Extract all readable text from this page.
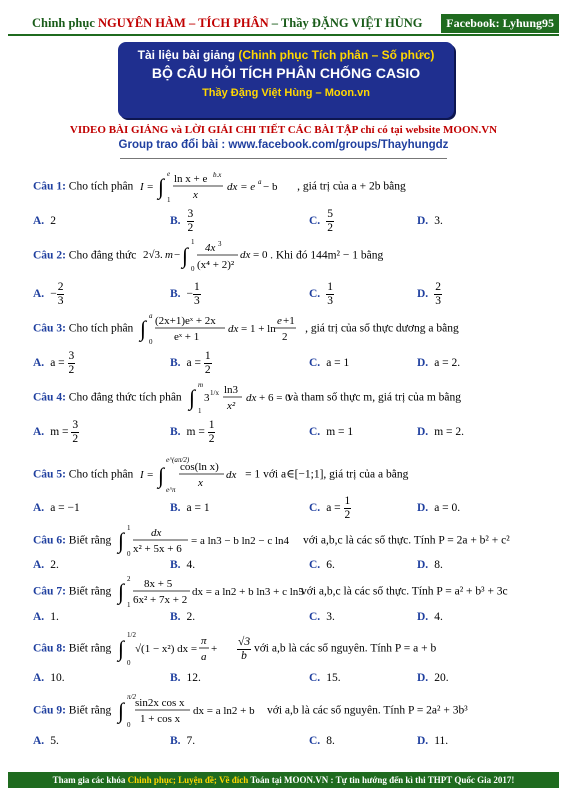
Chinh phục NGUYÊN HÀM – TÍCH PHÂN – Thầy ĐẶNG VIỆT HÙNG	Facebook: Lyhung95
Tài liệu bài giảng (Chinh phục Tích phân – Số phức)
BỘ CÂU HỎI TÍCH PHÂN CHỐNG CASIO
Thầy Đặng Việt Hùng – Moon.vn
VIDEO BÀI GIẢNG và LỜI GIẢI CHI TIẾT CÁC BÀI TẬP chỉ có tại website MOON.VN
Group trao đổi bài : www.facebook.com/groups/Thayhungdz
Câu 1: Cho tích phân I = ∫ e
1
ln x + e b.x
x
dx = e a − b , giá trị của a + 2b bằng
A. 2	B. $\frac{3}{2}$	C. $\frac{5}{2}$	D. 3.
Câu 2: Cho đẳng thức 2√3. m − ∫
1
0
4x 3
(x⁴ + 2)²
dx = 0 . Khi đó 144m² − 1 bằng
A. − $\frac{2}{3}$	B. − $\frac{1}{3}$	C. $\frac{1}{3}$	D. $\frac{2}{3}$
Câu 3: Cho tích phân ∫ a
0
(2x+1)eˣ + 2x
eˣ + 1
dx = 1 + ln
e +1
2
, giá trị của số thực dương a bằng
A. a =
$\frac{3}{2}$	B. a =
$\frac{1}{2}$	C. a = 1	D. a = 2.
Câu 4: Cho đẳng thức tích phân ∫ m
1
3 1/x ln3
x²
dx + 6 = 0
và tham số thực m, giá trị của m bằng
A. m =
$\frac{3}{2}$	B. m =
$\frac{1}{2}$	C. m = 1	D. m = 2.
Câu 5: Cho tích phân I = ∫
e^(aπ/2)
e^π
cos(ln x)
x
dx = 1 với a∈[−1;1], giá trị của a bằng
A. a = −1	B. a = 1	C. a =
$\frac{1}{2}$	D. a = 0.
Câu 6: Biết rằng ∫ 1
0
dx
x² + 5x + 6
= a ln3 − b ln2 − c ln4 với a,b,c là các số thực. Tính P = 2a + b² + c²
A. 2.	B. 4.	C. 6.	D. 8.
Câu 7: Biết rằng ∫ 2
1
8x + 5
6x² + 7x + 2
dx = a ln2 + b ln3 + c ln5
với a,b,c là các số thực. Tính P = a² + b³ + 3c
A. 1.	B. 2.	C. 3.	D. 4.
Câu 8: Biết rằng ∫
1/2
0
√(1 − x²) dx =
π
a
+
$\frac{√3}{b}$ với a,b là các số nguyên. Tính P = a + b
A. 10.	B. 12.	C. 15.	D. 20.
Câu 9: Biết rằng ∫
π/2
0
sin2x cos x
1 + cos x
dx = a ln2 + b với a,b là các số nguyên. Tính P = 2a² + 3b³
A. 5.	B. 7.	C. 8.	D. 11.
Tham gia các khóa Chinh phục; Luyện đề; Về đích Toán tại MOON.VN : Tự tin hướng đến kì thi THPT Quốc Gia 2017!
